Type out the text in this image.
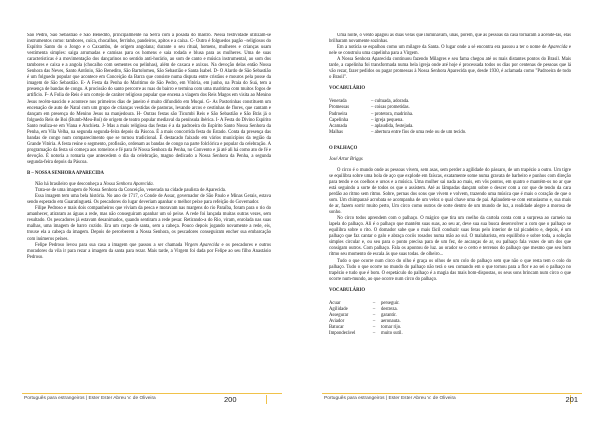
São Pedro, São Sebastião e São Benedito, principalmente na Serra com a posada do mastro. Nessa festividade utilizam-se instrumentos como: tambores, cuíca, chocalhos, ferrinho, pandeiros, apitos e a caixa. C- Outro é folguedos pagão –religiosos do Espírito Santo do o Jongo e o Caxambu, de origem angolana; durante o seu ritual, homens, mulheres e crianças usam vestimenta simples: saiga arrumadas e camisas para os homens e saia rodada e blusa para as mulheres. Uma de suas características é a movimentação dos dançarinos no sentido anti-horário, ao som de canto e música instrumental, ao som dos tambores e caixa e a angola (chocalho com sementes ou pelinhas), além de caxaca e axixus. Na devoção delas então Nossa Senhora das Neves, Santo Antônio, São Benedito, São Bartolomeu, São Sebastião e Santa Isabel. D- O Alardo de São Sebastião é um folguedo popular que acontece em Conceição da Barra que consiste numa disputa entre cristãos e mouros pela posse da imagem de São Sebastião. E- A Festa da Penha do Maritimo de São Pedro, em Vitória, em junho, na Praia do Suá, tem a presença de bandas de congo. A procissão do santo percorre as ruas do bairro e termina com uma maritima com muitos fogos de artifício. F- A Folia de Reis é um cortejo de caráter religioso popular que encena a viagem dos Reis Magos em visita ao Menino Jesus recém-nascido e acontece nos primeiros dias de janeiro é muito difundido em Muqui. G- As Pastorinhas constituem um encenação de auto de Natal com um grupo de crianças vestidas de pastoras, levando arcos e cestinhas de flores, que cantam e dançam em presença do Menino Jesus na manjedoura. H- Outras festas são Ticumbi Reis e São Sebastião e São Brás já o folguedo Reis de Boi (Bumb-Meu-Boi) de origem de teatro popular mediaval da península ibérica. I- A Festa do Divino Espírito Santo realiza-se em Viana e Anchieta. J- Mas a mais religiosa das festas é a da padroeira do Espírito Santo Nossa Senhora da Penha, em Vila Velha, na segunda segunda-feira depois da Páscoa. É a mais concorrida festa do Estado. Conta da presença das bandas de congo num comparecimento que se tornou tradicional. É destacado faixado em vários municípios da região da Grande Vitória. A festa reúne o segmento, profissão, ordenam as bandas de congo na parte folclórica e popular da celebração. A programação da festa só começa aos romeiros e fé para fé Nossa Senhora da Penha, no Convento e já até ali há como ato de fé e devoção. É notoria a romaria que antecedem o dia da celebração, magno dedicado a Nossa Senhora da Penha, a segunda segunda-feira depois da Páscoa.

B – NOSSA SENHORA APARECIDA

Não há brasileiro que desconheça a Nossa Senhora Aparecida.

Trata-se de uma imagem de Nossa Senhora da Conceição, venerada na cidade paulista de Aparecida.

Essa imagem tem uma bela história. No ano de 1717, o Conde de Assar, governador de São Paulo e Minas Gerais, estava sendo esperado em Guaratinguetá. Os pescadores do lugar deveriam apanhar o melhor peixe para refeição do Governador.

Filipe Pedroso e mais dois companheiros que viviam da pesca e moravam nas margens do rio Paraíba, foram para o rio do amanhecer, atiraram as águas a rede, mas não conseguiram apanhar um só peixe. A rede foi lançada muitas outras vezes, sem resultado. Os pescadores já estavam desanimados, quando sentiram a rede pesar. Retirando-a do Rio, viram, enrolada nas suas malhas, uma imagem de barro cozido. Era um corpo de santa, sem a cabeça. Pouco depois jogando novamente a rede, eis, trouxe ela a cabeça da imagem. Depois de perceberem a Nossa Senhora, os pescadores conseguiram encher sua embarcação com inúmeros peixes.

Felipe Pedroso levou para sua casa a imagem que passou a ser chamada Virgem Aparecida e os pescadores e outros moradores da vila ir para rezar a imagem da santa para rezar. Mais tarde, a Virgem foi dada por Felipe ao seu filho Anastásio Pedroso.

Português para estrangeiros | Ester Ester Abreu V. de Oliveira	200

Uma noite, o vento apagou as duas velas que iluminavam, unas, porém, que as pessoas da casa tornaram a acendê-las, elas brilharam novamente sozinhas.

Em a notícia se espalhou como um milagre da Santa. O lugar onde a sé encontra era passou a ter o nome de Aparecida e nele se construiu uma capelinha para a Virgem.

A Nossa Senhora Aparecida continuou fazendo Milagres e seu fama chegou até os mais distantes pontos do Brasil. Mais tarde, a capelinha foi transformada numa bela igreja onde até hoje é processada todos os dias por centenas de pessoas que lá vão rezar, fazer pedidos ou pagar promessas à Nossa Senhora Aparecida que, desde 1930, é aclamada como "Padroeira de todo o Brasil".

VOCABULÁRIO

Venerada	– cultuada, adorada.
Promessas	– coisas prometidas.
Padroeira	– protetora, madrinha.
Capelinha	– igreja pequena.
Acamada	– aplaudida, festejada.
Malhas	– abertura entre fios de uma rede ou de um tecido.

O PALHAÇO

José Artur Briggs

O circo é o mundo onde as pessoas vivem, sem asas, sem perder a agilidade do pássaro, de um trapézio a outro. Um tigre se equilibra sobre uma bola de aço que explode em faíscas, exatamente some numa gravata de barbeiro e punhos com direção para tendo e os coelhos e ursos e a música. Uma mulher sai nada ao mais, em vôs pontos, em quatro e mantém-os no ar que está seguindo a sorte de todos os que o assistem. Até as lâmpadas dançam sobre o descer com a cor que de tendo da cara perdão ao ritmo sem ritmo. Sobre, pernas dos sons que vivem e volvem, trazendo uma música que é mais o coração de que o som. Um chimpanzé acrobata se acompanha de um veloz o qual chave uma de pai. Aplaudem-se com entusiasmo e, sua mais de ar, fazem sorrir muito perto, Um circo como outros de sorte dentro de um mundo de luz, a realidade alegre a morosa de sonho.

No circo todos aprendem com o palhaço. O mágico que tira um coelho da cartola conta com a surpresa ao carneio na lapela do palhaço. Ali é o palhaço que mantém suas suas, ao seu ar, deve sua sua busca desenvolver a com que o palhaço se equilibra sobre o rito. O domador sabe que o mais fácil conduzir suas feras pelo interior de tal picadeiro e, depois, é um palhaço que faz cantar o galo e abraça cocôs rosados numa mão ao sul. O malabarista, em equilíbrio e sobre toda, a solução simples circular e, ou seu para o ponto precisa para de um fez, de ascanças de ar, ou palhaço fala vozes de um dos que consigam outros. Com palhaço. Fala os apontou de luz. ao orador se o certo e terrenos do palhaço que mesmo que seu bom ritmo seu momento de escala ás que suas todas. de olheiro...

Tudo o que ocorre num circo do olho é graça os olhos de um colo do palhaço sem que não o que resta tem o colo do palhaço. Tudo o que ocorre no mundo do palhaço não terá o seu comando em o que tornou para a flor e ao sei o palhaço no trapézio e tudo que é bom. O espetáculo do palhaço é a magia das mais bom-dispostas, os seus sons brincam num circo o que ocorre num-mundo, ao que ocorre num circo do palhaço.

VOCABULÁRIO

Acuar	–	perseguir.
Agilidade	–	destreza.
Assegurar	–	garantir.
Aviador	–	aeronauta.
Batucar	–	tornar rijo.
Imponderável	–	muito sutil.
Português para estrangeiros | Ester Ester Abreu V. de Oliveira	201
